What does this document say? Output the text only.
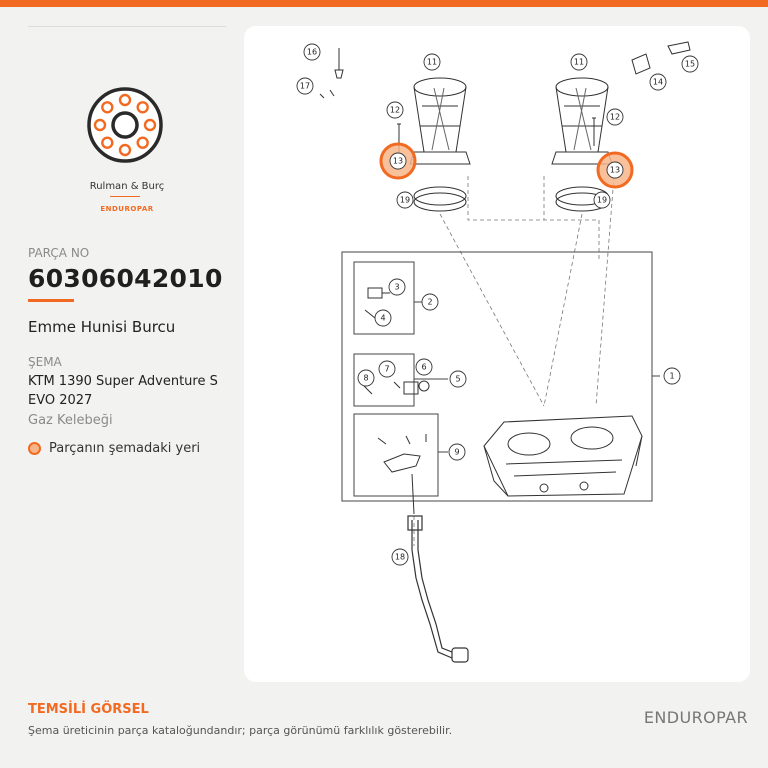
Rulman & Burç
ENDUROPAR
PARÇA NO
60306042010
Emme Hunisi Burcu
ŞEMA
KTM 1390 Super Adventure S
EVO 2027
Gaz Kelebeği
Parçanın şemadaki yeri
11	11
16
17
12
12
13
13
19	19
14
15
1
2
3
4
5
6
7
8
9
18
TEMSİLİ GÖRSEL
Şema üreticinin parça kataloğundandır; parça görünümü farklılık gösterebilir.
ENDUROPAR
